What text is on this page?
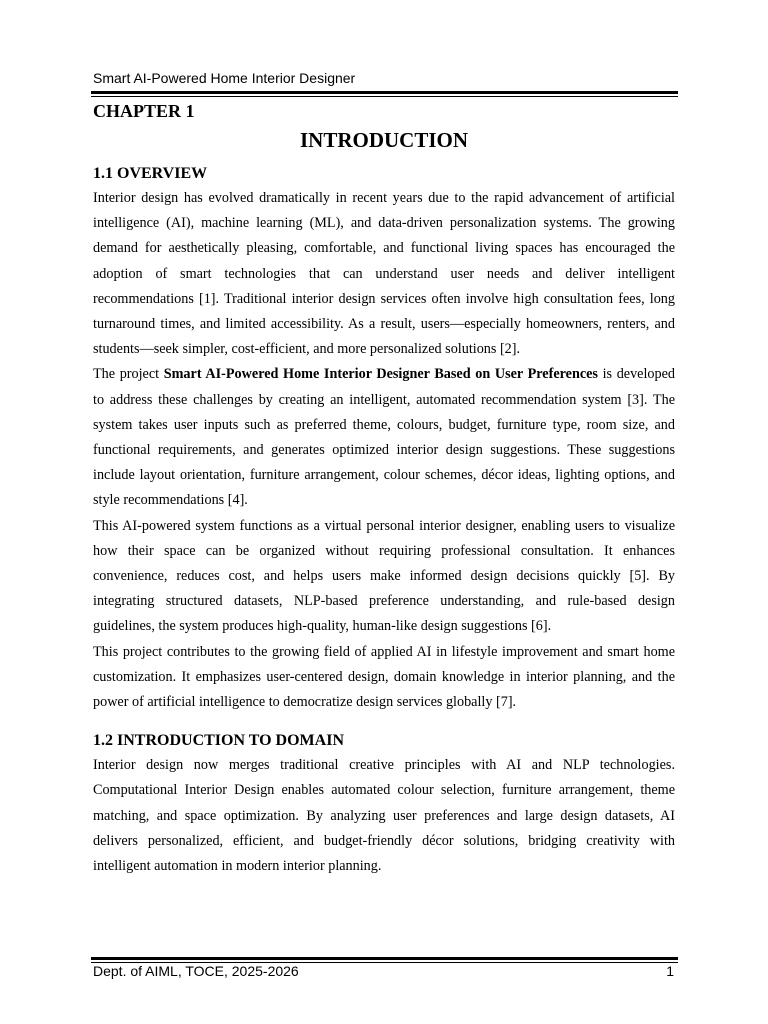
Smart AI-Powered Home Interior Designer

CHAPTER 1

INTRODUCTION

1.1 OVERVIEW

Interior design has evolved dramatically in recent years due to the rapid advancement of artificial intelligence (AI), machine learning (ML), and data-driven personalization systems. The growing demand for aesthetically pleasing, comfortable, and functional living spaces has encouraged the adoption of smart technologies that can understand user needs and deliver intelligent recommendations [1]. Traditional interior design services often involve high consultation fees, long turnaround times, and limited accessibility. As a result, users—especially homeowners, renters, and students—seek simpler, cost-efficient, and more personalized solutions [2].

The project Smart AI-Powered Home Interior Designer Based on User Preferences is developed to address these challenges by creating an intelligent, automated recommendation system [3]. The system takes user inputs such as preferred theme, colours, budget, furniture type, room size, and functional requirements, and generates optimized interior design suggestions. These suggestions include layout orientation, furniture arrangement, colour schemes, décor ideas, lighting options, and style recommendations [4].

This AI-powered system functions as a virtual personal interior designer, enabling users to visualize how their space can be organized without requiring professional consultation. It enhances convenience, reduces cost, and helps users make informed design decisions quickly [5]. By integrating structured datasets, NLP-based preference understanding, and rule-based design guidelines, the system produces high-quality, human-like design suggestions [6].

This project contributes to the growing field of applied AI in lifestyle improvement and smart home customization. It emphasizes user-centered design, domain knowledge in interior planning, and the power of artificial intelligence to democratize design services globally [7].

1.2 INTRODUCTION TO DOMAIN

Interior design now merges traditional creative principles with AI and NLP technologies. Computational Interior Design enables automated colour selection, furniture arrangement, theme matching, and space optimization. By analyzing user preferences and large design datasets, AI delivers personalized, efficient, and budget-friendly décor solutions, bridging creativity with intelligent automation in modern interior planning.

Dept. of AIML, TOCE, 2025-2026	1
